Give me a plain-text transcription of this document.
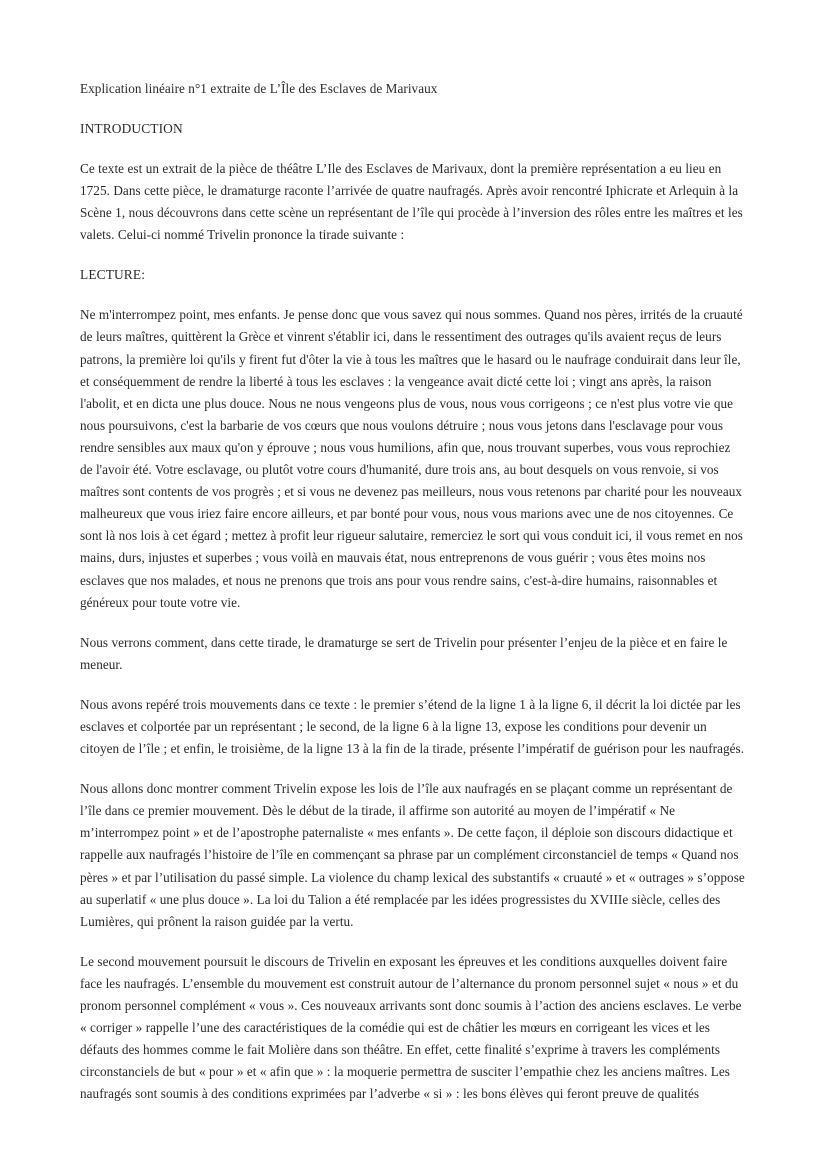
Explication linéaire n°1 extraite de L’Île des Esclaves de Marivaux
INTRODUCTION

Ce texte est un extrait de la pièce de théâtre L’Ile des Esclaves de Marivaux, dont la première représentation a eu lieu en 1725. Dans cette pièce, le dramaturge raconte l’arrivée de quatre naufragés. Après avoir rencontré Iphicrate et Arlequin à la Scène 1, nous découvrons dans cette scène un représentant de l’île qui procède à l’inversion des rôles entre les maîtres et les valets. Celui-ci nommé Trivelin prononce la tirade suivante :

LECTURE:

Ne m'interrompez point, mes enfants. Je pense donc que vous savez qui nous sommes. Quand nos pères, irrités de la cruauté de leurs maîtres, quittèrent la Grèce et vinrent s'établir ici, dans le ressentiment des outrages qu'ils avaient reçus de leurs patrons, la première loi qu'ils y firent fut d'ôter la vie à tous les maîtres que le hasard ou le naufrage conduirait dans leur île, et conséquemment de rendre la liberté à tous les esclaves : la vengeance avait dicté cette loi ; vingt ans après, la raison l'abolit, et en dicta une plus douce. Nous ne nous vengeons plus de vous, nous vous corrigeons ; ce n'est plus votre vie que nous poursuivons, c'est la barbarie de vos cœurs que nous voulons détruire ; nous vous jetons dans l'esclavage pour vous rendre sensibles aux maux qu'on y éprouve ; nous vous humilions, afin que, nous trouvant superbes, vous vous reprochiez de l'avoir été. Votre esclavage, ou plutôt votre cours d'humanité, dure trois ans, au bout desquels on vous renvoie, si vos maîtres sont contents de vos progrès ; et si vous ne devenez pas meilleurs, nous vous retenons par charité pour les nouveaux malheureux que vous iriez faire encore ailleurs, et par bonté pour vous, nous vous marions avec une de nos citoyennes. Ce sont là nos lois à cet égard ; mettez à profit leur rigueur salutaire, remerciez le sort qui vous conduit ici, il vous remet en nos mains, durs, injustes et superbes ; vous voilà en mauvais état, nous entreprenons de vous guérir ; vous êtes moins nos esclaves que nos malades, et nous ne prenons que trois ans pour vous rendre sains, c'est-à-dire humains, raisonnables et généreux pour toute votre vie.

Nous verrons comment, dans cette tirade, le dramaturge se sert de Trivelin pour présenter l’enjeu de la pièce et en faire le meneur.

Nous avons repéré trois mouvements dans ce texte : le premier s’étend de la ligne 1 à la ligne 6, il décrit la loi dictée par les esclaves et colportée par un représentant ; le second, de la ligne 6 à la ligne 13, expose les conditions pour devenir un citoyen de l’île ; et enfin, le troisième, de la ligne 13 à la fin de la tirade, présente l’impératif de guérison pour les naufragés.

Nous allons donc montrer comment Trivelin expose les lois de l’île aux naufragés en se plaçant comme un représentant de l’île dans ce premier mouvement. Dès le début de la tirade, il affirme son autorité au moyen de l’impératif « Ne m’interrompez point » et de l’apostrophe paternaliste « mes enfants ». De cette façon, il déploie son discours didactique et rappelle aux naufragés l’histoire de l’île en commençant sa phrase par un complément circonstanciel de temps « Quand nos pères » et par l’utilisation du passé simple. La violence du champ lexical des substantifs « cruauté » et « outrages » s’oppose au superlatif « une plus douce ». La loi du Talion a été remplacée par les idées progressistes du XVIIIe siècle, celles des Lumières, qui prônent la raison guidée par la vertu.

Le second mouvement poursuit le discours de Trivelin en exposant les épreuves et les conditions auxquelles doivent faire face les naufragés. L’ensemble du mouvement est construit autour de l’alternance du pronom personnel sujet « nous » et du pronom personnel complément « vous ». Ces nouveaux arrivants sont donc soumis à l’action des anciens esclaves. Le verbe « corriger » rappelle l’une des caractéristiques de la comédie qui est de châtier les mœurs en corrigeant les vices et les défauts des hommes comme le fait Molière dans son théâtre. En effet, cette finalité s’exprime à travers les compléments circonstanciels de but « pour » et « afin que » : la moquerie permettra de susciter l’empathie chez les anciens maîtres. Les naufragés sont soumis à des conditions exprimées par l’adverbe « si » : les bons élèves qui feront preuve de qualités
